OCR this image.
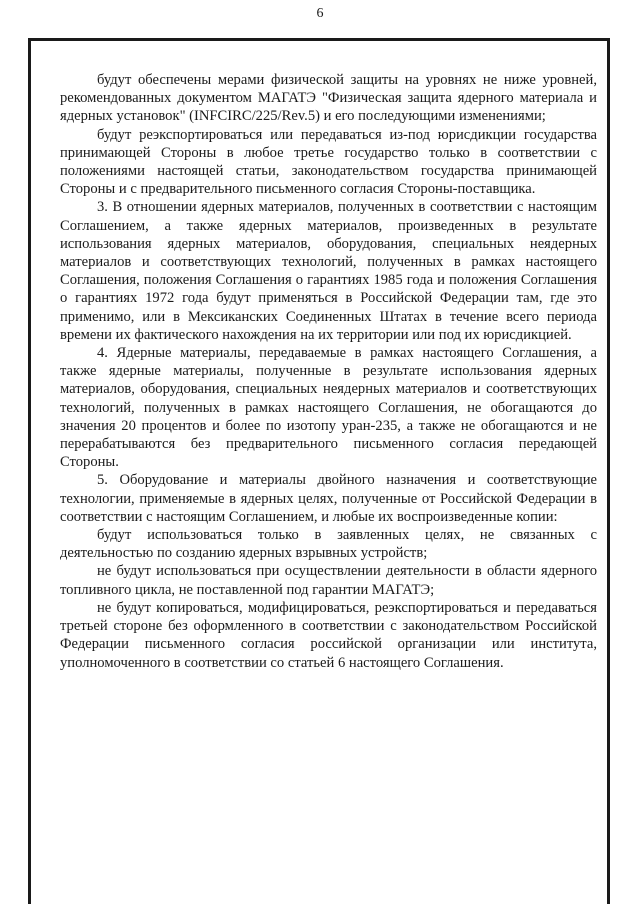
6

будут обеспечены мерами физической защиты на уровнях не ниже уровней, рекомендованных документом МАГАТЭ "Физическая защита ядерного материала и ядерных установок" (INFCIRC/225/Rev.5) и его последующими изменениями;

будут реэкспортироваться или передаваться из-под юрисдикции государства принимающей Стороны в любое третье государство только в соответствии с положениями настоящей статьи, законодательством государства принимающей Стороны и с предварительного письменного согласия Стороны-поставщика.

3. В отношении ядерных материалов, полученных в соответствии с настоящим Соглашением, а также ядерных материалов, произведенных в результате использования ядерных материалов, оборудования, специальных неядерных материалов и соответствующих технологий, полученных в рамках настоящего Соглашения, положения Соглашения о гарантиях 1985 года и положения Соглашения о гарантиях 1972 года будут применяться в Российской Федерации там, где это применимо, или в Мексиканских Соединенных Штатах в течение всего периода времени их фактического нахождения на их территории или под их юрисдикцией.

4. Ядерные материалы, передаваемые в рамках настоящего Соглашения, а также ядерные материалы, полученные в результате использования ядерных материалов, оборудования, специальных неядерных материалов и соответствующих технологий, полученных в рамках настоящего Соглашения, не обогащаются до значения 20 процентов и более по изотопу уран-235, а также не обогащаются и не перерабатываются без предварительного письменного согласия передающей Стороны.

5. Оборудование и материалы двойного назначения и соответствующие технологии, применяемые в ядерных целях, полученные от Российской Федерации в соответствии с настоящим Соглашением, и любые их воспроизведенные копии:

будут использоваться только в заявленных целях, не связанных с деятельностью по созданию ядерных взрывных устройств;

не будут использоваться при осуществлении деятельности в области ядерного топливного цикла, не поставленной под гарантии МАГАТЭ;

не будут копироваться, модифицироваться, реэкспортироваться и передаваться третьей стороне без оформленного в соответствии с законодательством Российской Федерации письменного согласия российской организации или института, уполномоченного в соответствии со статьей 6 настоящего Соглашения.
